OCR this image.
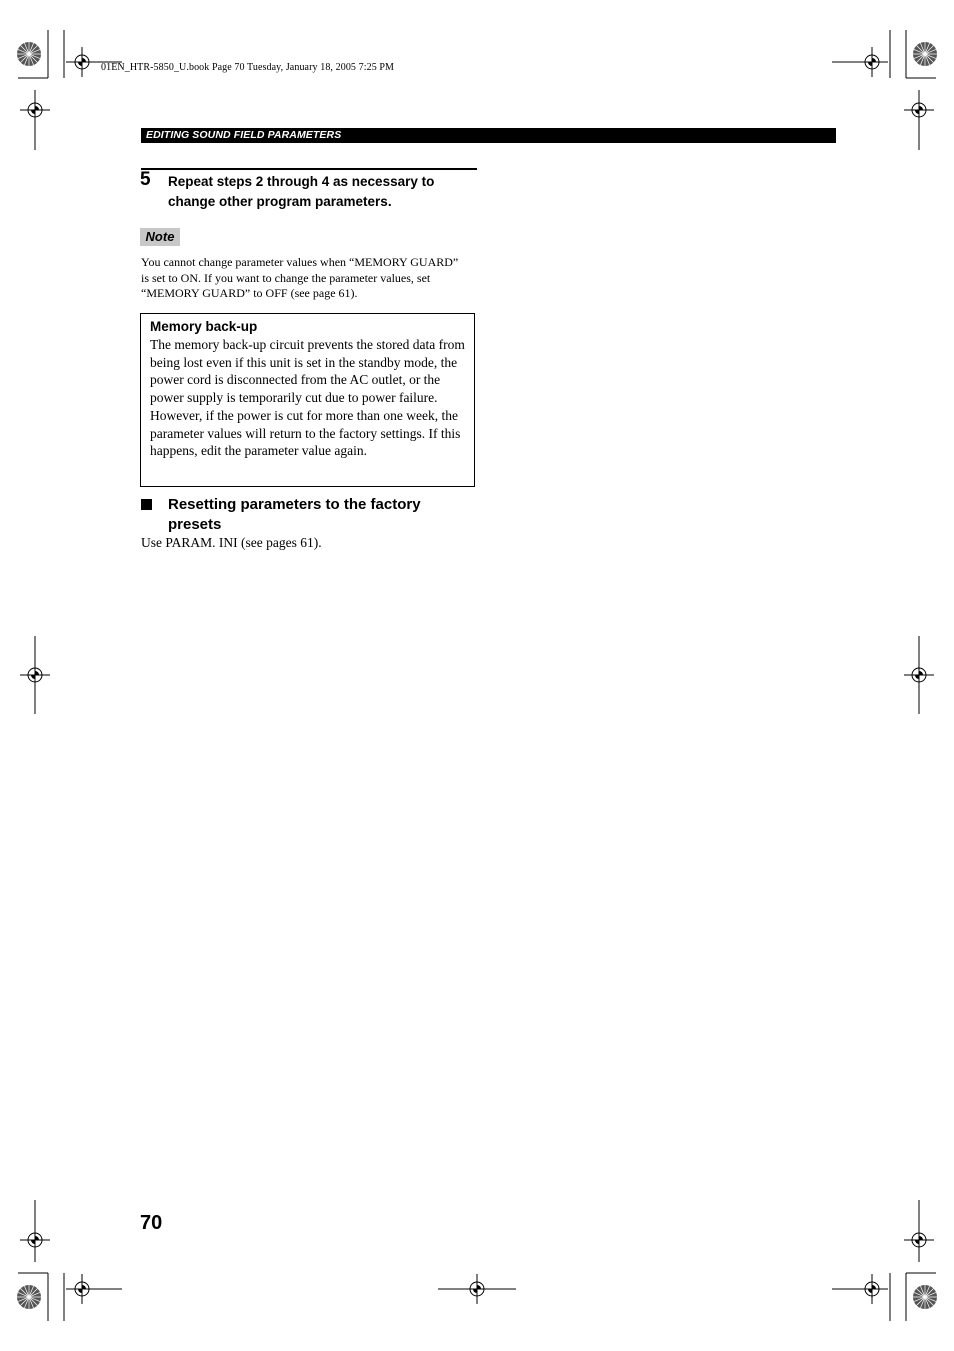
01EN_HTR-5850_U.book Page 70 Tuesday, January 18, 2005 7:25 PM
EDITING SOUND FIELD PARAMETERS
5 Repeat steps 2 through 4 as necessary to change other program parameters.
Note
You cannot change parameter values when “MEMORY GUARD” is set to ON. If you want to change the parameter values, set “MEMORY GUARD” to OFF (see page 61).
Memory back-up
The memory back-up circuit prevents the stored data from being lost even if this unit is set in the standby mode, the power cord is disconnected from the AC outlet, or the power supply is temporarily cut due to power failure. However, if the power is cut for more than one week, the parameter values will return to the factory settings. If this happens, edit the parameter value again.
Resetting parameters to the factory presets
Use PARAM. INI (see pages 61).
70
